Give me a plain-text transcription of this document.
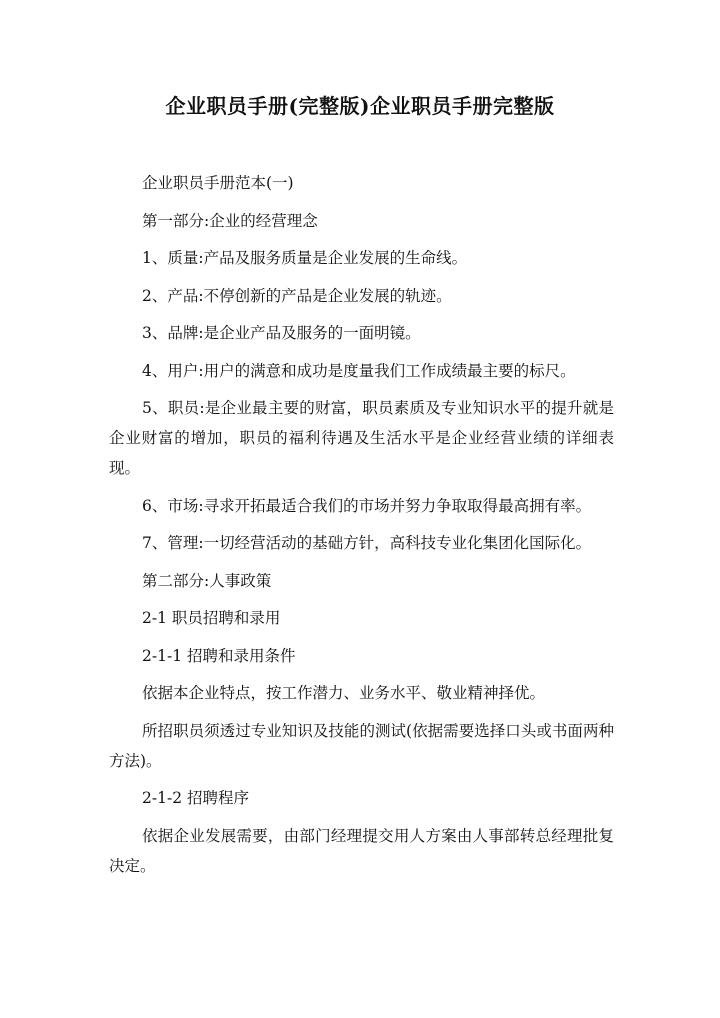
企业职员手册(完整版)企业职员手册完整版

企业职员手册范本(一)

第一部分:企业的经营理念

1、质量:产品及服务质量是企业发展的生命线。

2、产品:不停创新的产品是企业发展的轨迹。

3、品牌:是企业产品及服务的一面明镜。

4、用户:用户的满意和成功是度量我们工作成绩最主要的标尺。

5、职员:是企业最主要的财富，职员素质及专业知识水平的提升就是企业财富的增加，职员的福利待遇及生活水平是企业经营业绩的详细表现。

6、市场:寻求开拓最适合我们的市场并努力争取取得最高拥有率。

7、管理:一切经营活动的基础方针，高科技专业化集团化国际化。

第二部分:人事政策

2-1 职员招聘和录用

2-1-1 招聘和录用条件

依据本企业特点，按工作潜力、业务水平、敬业精神择优。

所招职员须透过专业知识及技能的测试(依据需要选择口头或书面两种方法)。

2-1-2 招聘程序

依据企业发展需要，由部门经理提交用人方案由人事部转总经理批复决定。
